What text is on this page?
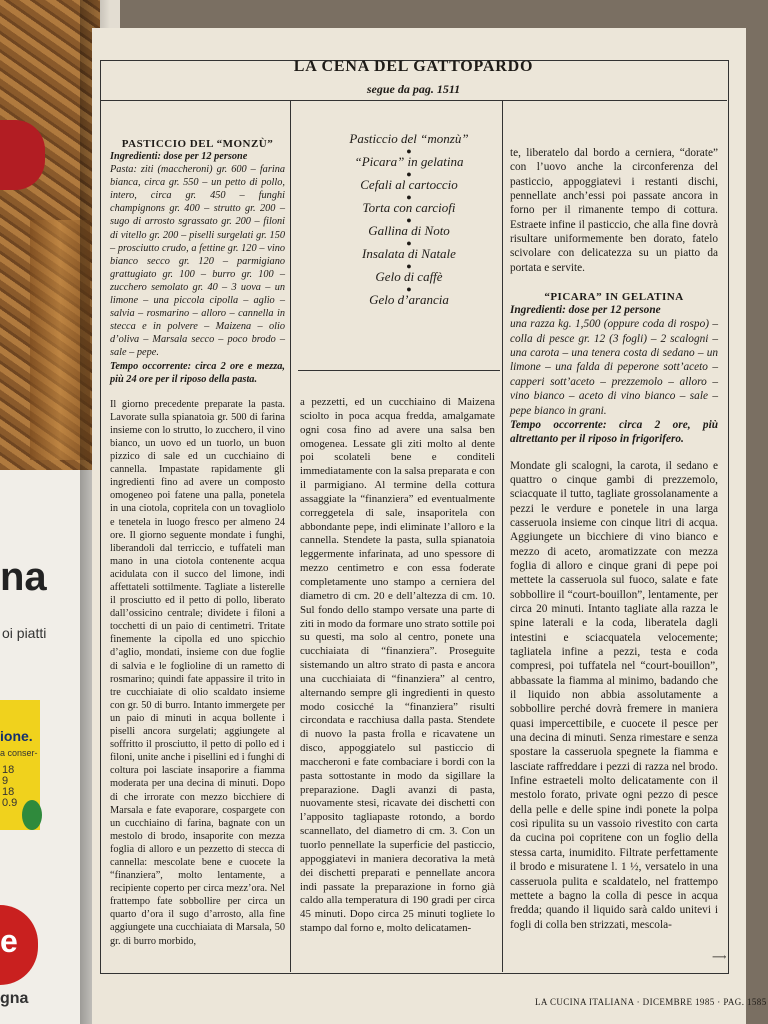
na
oi piatti
ione.
a conser-
18
9
18
0.9
e
gna
LA CENA DEL GATTOPARDO
segue da pag. 1511

PASTICCIO DEL “MONZÙ”

Ingredienti: dose per 12 persone

Pasta: ziti (maccheroni) gr. 600 – farina bianca, circa gr. 550 – un petto di pollo, intero, circa gr. 450 – funghi champignons gr. 400 – strutto gr. 200 – sugo di arrosto sgrassato gr. 200 – filoni di vitello gr. 200 – piselli surgelati gr. 150 – prosciutto crudo, a fettine gr. 120 – vino bianco secco gr. 120 – parmigiano grattugiato gr. 100 – burro gr. 100 – zucchero semolato gr. 40 – 3 uova – un limone – una piccola cipolla – aglio – salvia – rosmarino – alloro – cannella in stecca e in polvere – Maizena – olio d’oliva – Marsala secco – poco brodo – sale – pepe.

Tempo occorrente: circa 2 ore e mezza, più 24 ore per il riposo della pasta.

Il giorno precedente preparate la pasta. Lavorate sulla spianatoia gr. 500 di farina insieme con lo strutto, lo zucchero, il vino bianco, un uovo ed un tuorlo, un buon pizzico di sale ed un cucchiaino di cannella. Impastate rapidamente gli ingredienti fino ad avere un composto omogeneo poi fatene una palla, ponetela in una ciotola, copritela con un tovagliolo e tenetela in luogo fresco per almeno 24 ore. Il giorno seguente mondate i funghi, liberandoli dal terriccio, e tuffateli man mano in una ciotola contenente acqua acidulata con il succo del limone, indi affettateli sottilmente. Tagliate a listerelle il prosciutto ed il petto di pollo, liberato dall’ossicino centrale; dividete i filoni a tocchetti di un paio di centimetri. Tritate finemente la cipolla ed uno spicchio d’aglio, mondati, insieme con due foglie di salvia e le foglioline di un rametto di rosmarino; quindi fate appassire il trito in tre cucchiaiate di olio scaldato insieme con gr. 50 di burro. Intanto immergete per un paio di minuti in acqua bollente i piselli ancora surgelati; aggiungete al soffritto il prosciutto, il petto di pollo ed i filoni, unite anche i pisellini ed i funghi di coltura poi lasciate insaporire a fiamma moderata per una decina di minuti. Dopo di che irrorate con mezzo bicchiere di Marsala e fate evaporare, cospargete con un cucchiaino di farina, bagnate con un mestolo di brodo, insaporite con mezza foglia di alloro e un pezzetto di stecca di cannella: mescolate bene e cuocete la “finanziera”, molto lentamente, a recipiente coperto per circa mezz’ora. Nel frattempo fate sobbollire per circa un quarto d’ora il sugo d’arrosto, alla fine aggiungete una cucchiaiata di Marsala, 50 gr. di burro morbido,

Pasticcio del “monzù”
“Picara” in gelatina
Cefali al cartoccio
Torta con carciofi
Gallina di Noto
Insalata di Natale
Gelo di caffè
Gelo d’arancia
●
●
●
●
●
●
●

a pezzetti, ed un cucchiaino di Maizena sciolto in poca acqua fredda, amalgamate ogni cosa fino ad avere una salsa ben omogenea. Lessate gli ziti molto al dente poi scolateli bene e conditeli immediatamente con la salsa preparata e con il parmigiano. Al termine della cottura assaggiate la “finanziera” ed eventualmente correggetela di sale, insaporitela con abbondante pepe, indi eliminate l’alloro e la cannella. Stendete la pasta, sulla spianatoia leggermente infarinata, ad uno spessore di mezzo centimetro e con essa foderate completamente uno stampo a cerniera del diametro di cm. 20 e dell’altezza di cm. 10. Sul fondo dello stampo versate una parte di ziti in modo da formare uno strato sottile poi su questi, ma solo al centro, ponete una cucchiaiata di “finanziera”. Proseguite sistemando un altro strato di pasta e ancora una cucchiaiata di “finanziera” al centro, alternando sempre gli ingredienti in questo modo cosicché la “finanziera” risulti circondata e racchiusa dalla pasta. Stendete di nuovo la pasta frolla e ricavatene un disco, appoggiatelo sul pasticcio di maccheroni e fate combaciare i bordi con la pasta sottostante in modo da sigillare la preparazione. Dagli avanzi di pasta, nuovamente stesi, ricavate dei dischetti con l’apposito tagliapaste rotondo, a bordo scannellato, del diametro di cm. 3. Con un tuorlo pennellate la superficie del pasticcio, appoggiatevi in maniera decorativa la metà dei dischetti preparati e pennellate ancora indi passate la preparazione in forno già caldo alla temperatura di 190 gradi per circa 45 minuti. Dopo circa 25 minuti togliete lo stampo dal forno e, molto delicatamen-

te, liberatelo dal bordo a cerniera, “dorate” con l’uovo anche la circonferenza del pasticcio, appoggiatevi i restanti dischi, pennellate anch’essi poi passate ancora in forno per il rimanente tempo di cottura. Estraete infine il pasticcio, che alla fine dovrà risultare uniformemente ben dorato, fatelo scivolare con delicatezza su un piatto da portata e servite.

“PICARA” IN GELATINA

Ingredienti: dose per 12 persone

una razza kg. 1,500 (oppure coda di rospo) – colla di pesce gr. 12 (3 fogli) – 2 scalogni – una carota – una tenera costa di sedano – un limone – una falda di peperone sott’aceto – capperi sott’aceto – prezzemolo – alloro – vino bianco – aceto di vino bianco – sale – pepe bianco in grani.

Tempo occorrente: circa 2 ore, più altrettanto per il riposo in frigorifero.

Mondate gli scalogni, la carota, il sedano e quattro o cinque gambi di prezzemolo, sciacquate il tutto, tagliate grossolanamente a pezzi le verdure e ponetele in una larga casseruola insieme con cinque litri di acqua. Aggiungete un bicchiere di vino bianco e mezzo di aceto, aromatizzate con mezza foglia di alloro e cinque grani di pepe poi mettete la casseruola sul fuoco, salate e fate sobbollire il “court-bouillon”, lentamente, per circa 20 minuti. Intanto tagliate alla razza le spine laterali e la coda, liberatela dagli intestini e sciacquatela velocemente; tagliatela infine a pezzi, testa e coda compresi, poi tuffatela nel “court-bouillon”, abbassate la fiamma al minimo, badando che il liquido non abbia assolutamente a sobbollire perché dovrà fremere in maniera quasi impercettibile, e cuocete il pesce per una decina di minuti. Senza rimestare e senza spostare la casseruola spegnete la fiamma e lasciate raffreddare i pezzi di razza nel brodo. Infine estraeteli molto delicatamente con il mestolo forato, private ogni pezzo di pesce della pelle e delle spine indi ponete la polpa così ripulita su un vassoio rivestito con carta da cucina poi copritene con un foglio della stessa carta, inumidito. Filtrate perfettamente il brodo e misuratene l. 1 ½, versatelo in una casseruola pulita e scaldatelo, nel frattempo mettete a bagno la colla di pesce in acqua fredda; quando il liquido sarà caldo unitevi i fogli di colla ben strizzati, mescola-

⟶
LA CUCINA ITALIANA · DICEMBRE 1985 · PAG. 1585
